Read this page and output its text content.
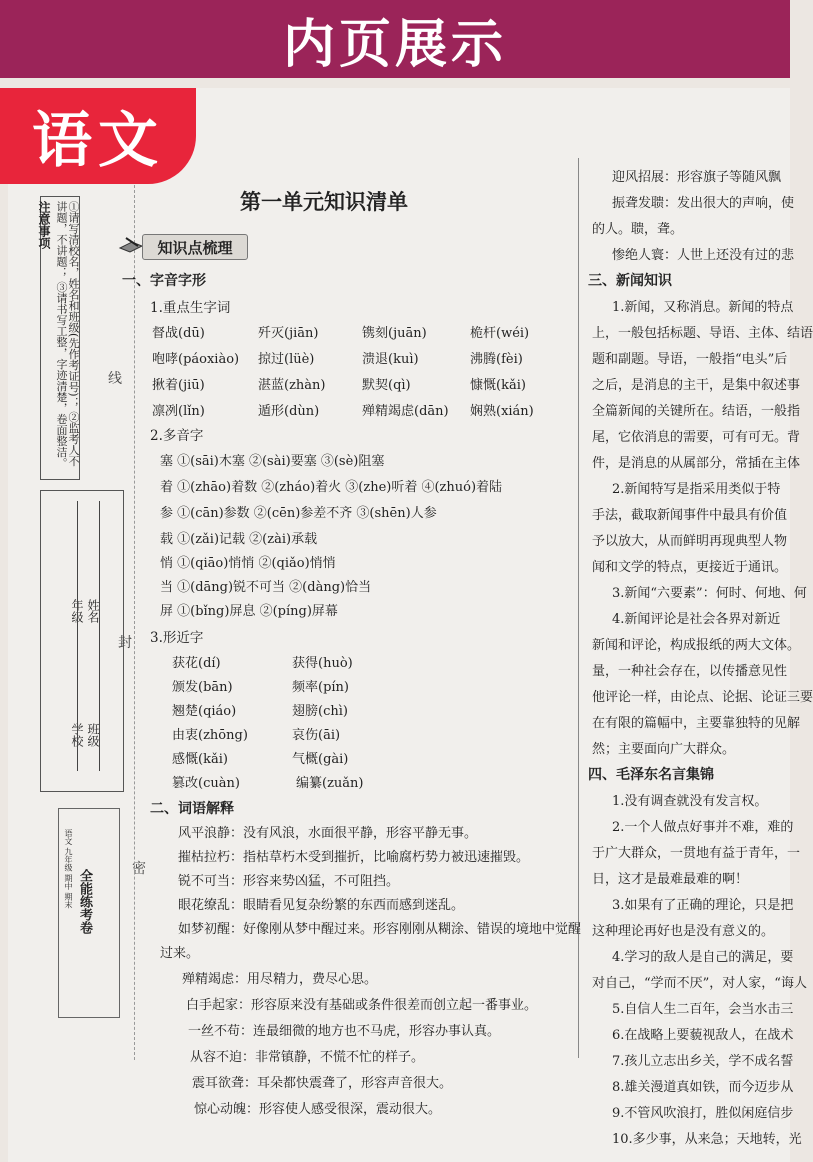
内页展示
语文
注意事项	①请写清校名，姓名和班级(先作考证号)； ②监考人不讲题，不讲题； ③请书写工整，字迹清楚，卷面整洁。
学校 班级
年级 姓名
全能练考卷
语文 九年级 期中 期末
线
封
密
第一单元知识清单
知识点梳理
一、字音字形
1.重点生字词
督战(dū)	歼灭(jiān)	镌刻(juān)	桅杆(wéi)
咆哮(páoxiào) 掠过(lüè)	溃退(kuì)	沸腾(fèi)
揪着(jiū)	湛蓝(zhàn)	默契(qì)	慷慨(kǎi)
凛冽(lǐn)	遁形(dùn)	殚精竭虑(dān) 娴熟(xián)
2.多音字
塞 ①(sāi)木塞 ②(sài)要塞 ③(sè)阻塞
着 ①(zhāo)着数 ②(zháo)着火 ③(zhe)听着 ④(zhuó)着陆
参 ①(cān)参数 ②(cēn)参差不齐 ③(shēn)人参
载 ①(zǎi)记载 ②(zài)承载
悄 ①(qiāo)悄悄 ②(qiǎo)悄悄
当 ①(dāng)锐不可当 ②(dàng)恰当
屏 ①(bǐng)屏息 ②(píng)屏幕
3.形近字
获花(dí)	获得(huò)
颁发(bān)	频率(pín)
翘楚(qiáo)	翅膀(chì)
由衷(zhōng)	哀伤(āi)
感慨(kǎi)	气概(gài)
篡改(cuàn)	编纂(zuǎn)
二、词语解释
风平浪静：没有风浪，水面很平静，形容平静无事。
摧枯拉朽：指枯草朽木受到摧折，比喻腐朽势力被迅速摧毁。
锐不可当：形容来势凶猛，不可阻挡。
眼花缭乱：眼睛看见复杂纷繁的东西而感到迷乱。
如梦初醒：好像刚从梦中醒过来。形容刚刚从糊涂、错误的境地中觉醒
过来。
殚精竭虑：用尽精力，费尽心思。
白手起家：形容原来没有基础或条件很差而创立起一番事业。
一丝不苟：连最细微的地方也不马虎，形容办事认真。
从容不迫：非常镇静，不慌不忙的样子。
震耳欲聋：耳朵都快震聋了，形容声音很大。
惊心动魄：形容使人感受很深，震动很大。
迎风招展：形容旗子等随风飘
振聋发聩：发出很大的声响，使
的人。聩，聋。
惨绝人寰：人世上还没有过的悲
三、新闻知识
1.新闻，又称消息。新闻的特点
上，一般包括标题、导语、主体、结语
题和副题。导语，一般指“电头”后
之后，是消息的主干，是集中叙述事
全篇新闻的关键所在。结语，一般指
尾，它依消息的需要，可有可无。背
件，是消息的从属部分，常插在主体
2.新闻特写是指采用类似于特
手法，截取新闻事件中最具有价值
予以放大，从而鲜明再现典型人物
闻和文学的特点，更接近于通讯。
3.新闻“六要素”：何时、何地、何
4.新闻评论是社会各界对新近
新闻和评论，构成报纸的两大文体。
量，一种社会存在，以传播意见性
他评论一样，由论点、论据、论证三要
在有限的篇幅中，主要靠独特的见解
然；主要面向广大群众。
四、毛泽东名言集锦
1.没有调查就没有发言权。
2.一个人做点好事并不难，难的
于广大群众，一贯地有益于青年，一
日，这才是最难最难的啊！
3.如果有了正确的理论，只是把
这种理论再好也是没有意义的。
4.学习的敌人是自己的满足，要
对自己，“学而不厌”，对人家，“诲人
5.自信人生二百年，会当水击三
6.在战略上要藐视敌人，在战术
7.孩儿立志出乡关，学不成名誓
8.雄关漫道真如铁，而今迈步从
9.不管风吹浪打，胜似闲庭信步
10.多少事，从来急；天地转，光
